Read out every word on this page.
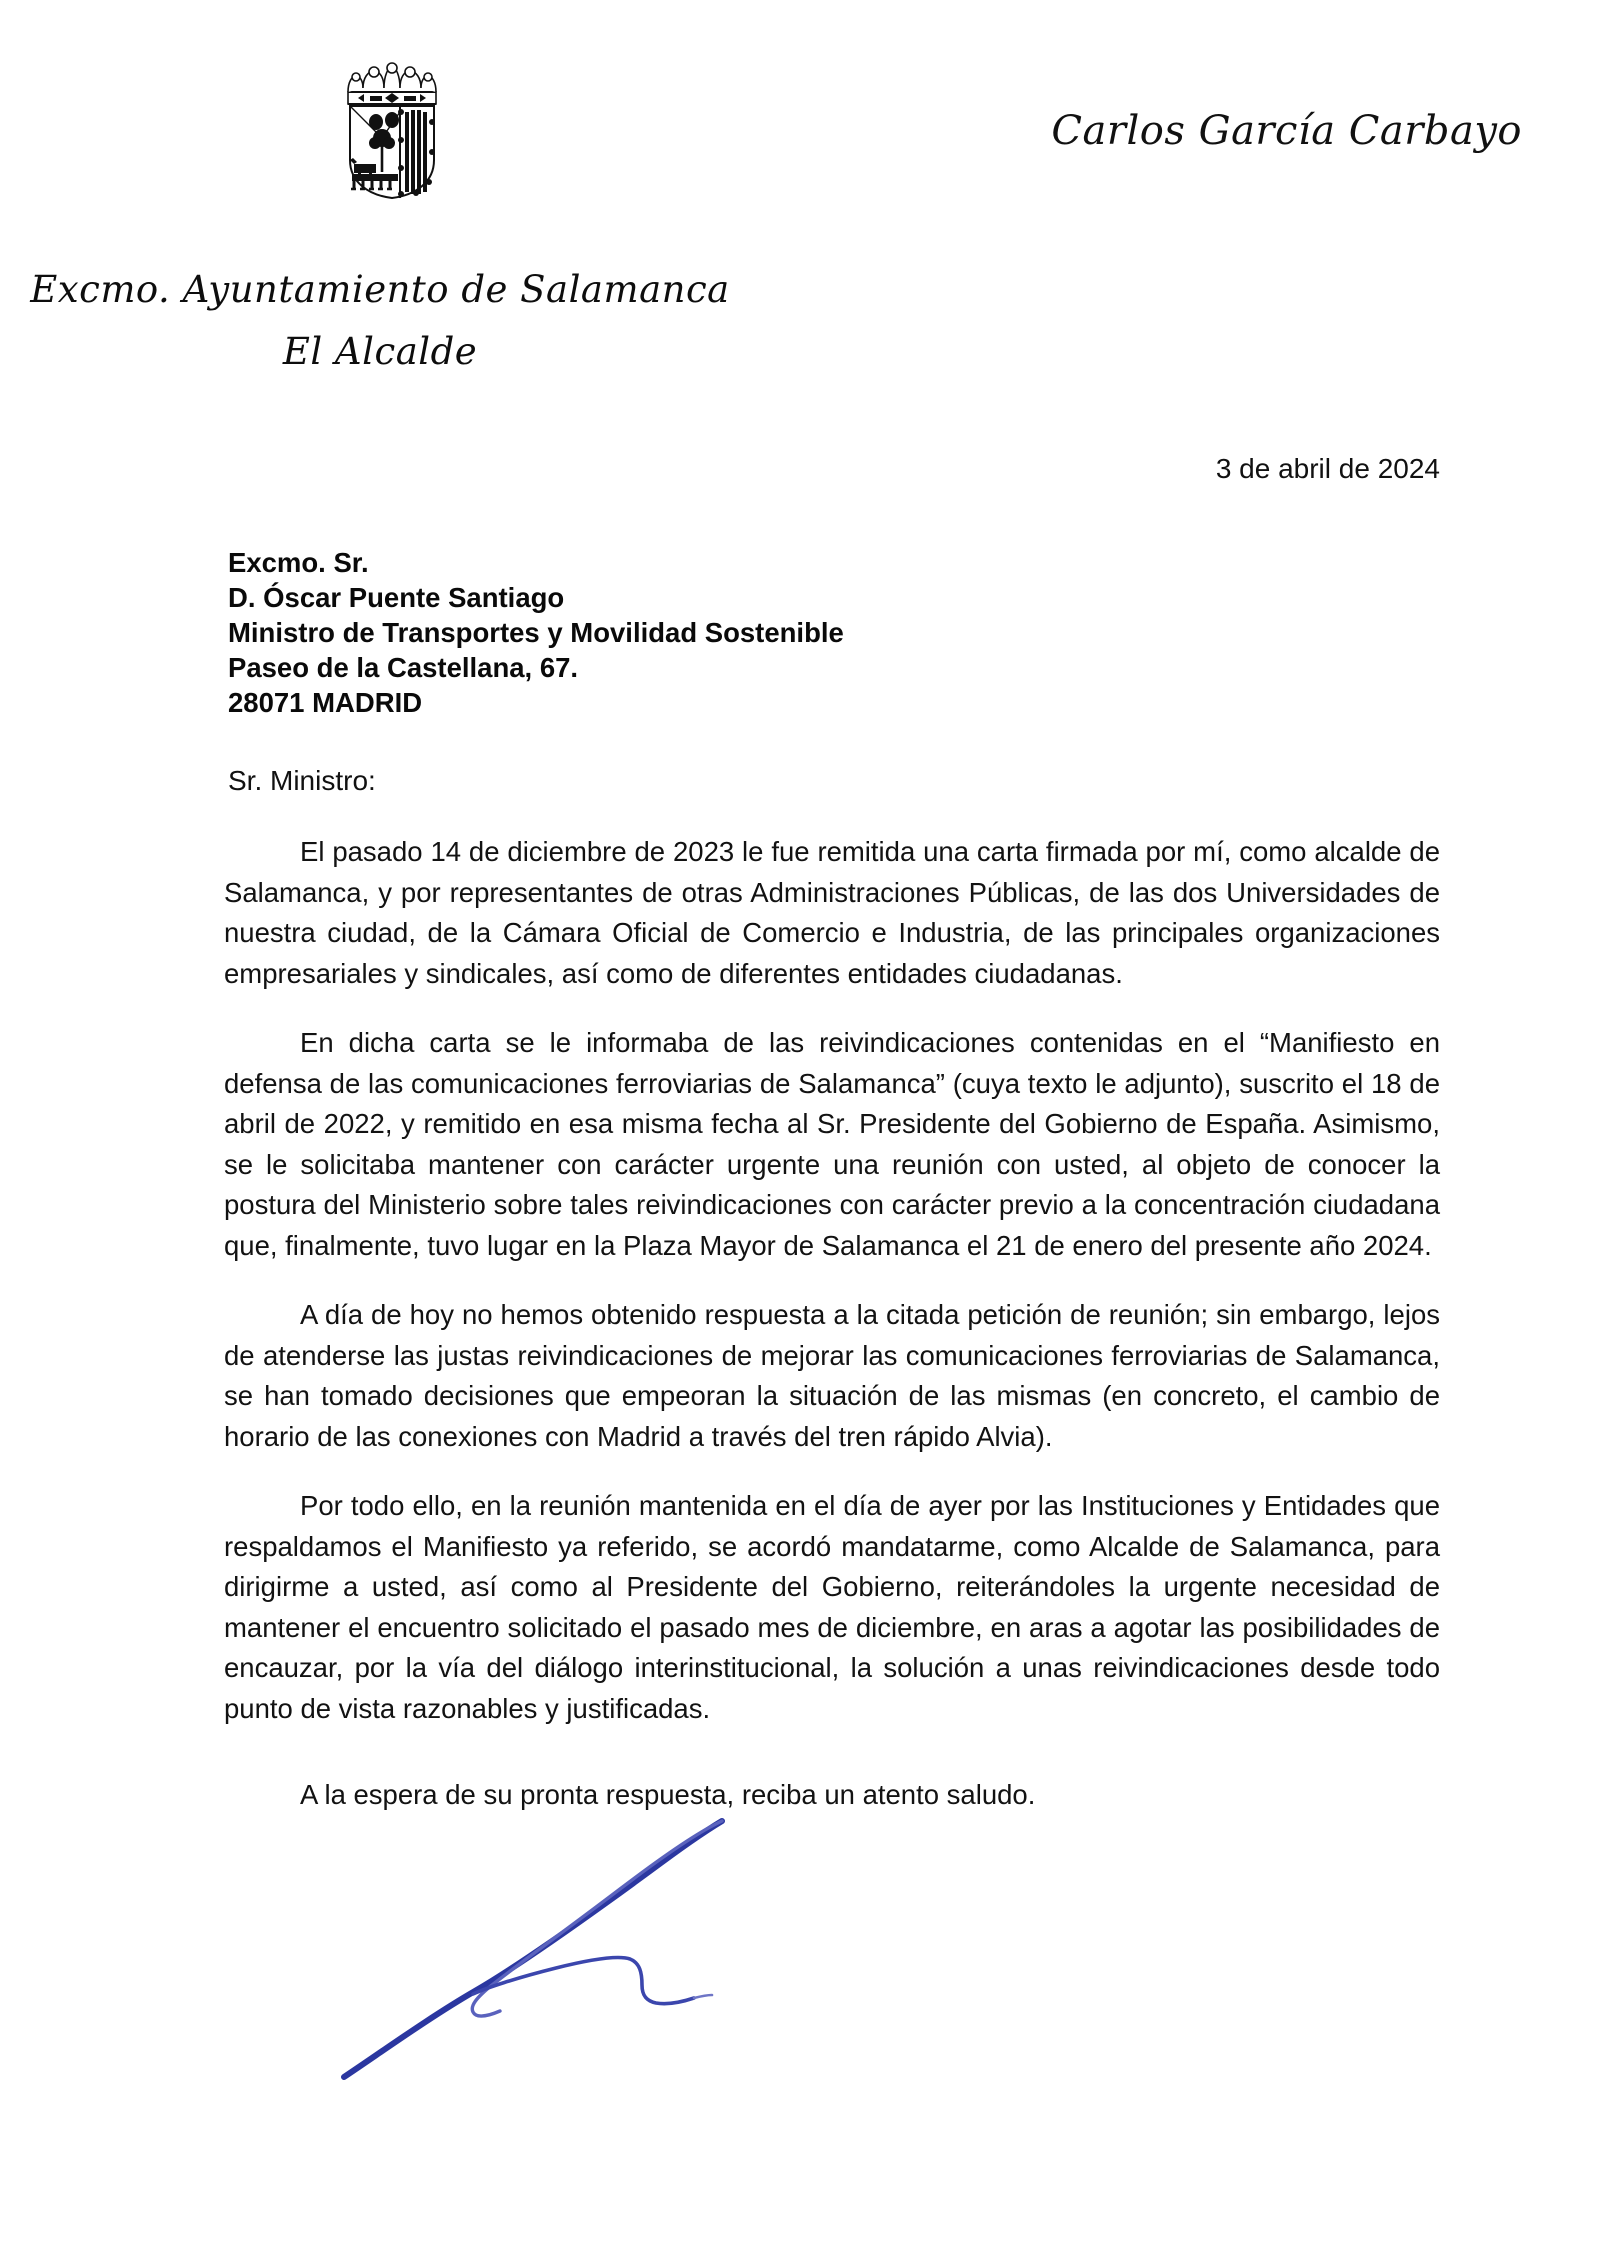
Carlos García Carbayo
Excmo. Ayuntamiento de Salamanca
El Alcalde
3 de abril de 2024
Excmo. Sr.
D. Óscar Puente Santiago
Ministro de Transportes y Movilidad Sostenible
Paseo de la Castellana, 67.
28071 MADRID
Sr. Ministro:

El pasado 14 de diciembre de 2023 le fue remitida una carta firmada por mí, como alcalde de Salamanca, y por representantes de otras Administraciones Públicas, de las dos Universidades de nuestra ciudad, de la Cámara Oficial de Comercio e Industria, de las principales organizaciones empresariales y sindicales, así como de diferentes entidades ciudadanas.

En dicha carta se le informaba de las reivindicaciones contenidas en el “Manifiesto en defensa de las comunicaciones ferroviarias de Salamanca” (cuya texto le adjunto), suscrito el 18 de abril de 2022, y remitido en esa misma fecha al Sr. Presidente del Gobierno de España. Asimismo, se le solicitaba mantener con carácter urgente una reunión con usted, al objeto de conocer la postura del Ministerio sobre tales reivindicaciones con carácter previo a la concentración ciudadana que, finalmente, tuvo lugar en la Plaza Mayor de Salamanca el 21 de enero del presente año 2024.

A día de hoy no hemos obtenido respuesta a la citada petición de reunión; sin embargo, lejos de atenderse las justas reivindicaciones de mejorar las comunicaciones ferroviarias de Salamanca, se han tomado decisiones que empeoran la situación de las mismas (en concreto, el cambio de horario de las conexiones con Madrid a través del tren rápido Alvia).

Por todo ello, en la reunión mantenida en el día de ayer por las Instituciones y Entidades que respaldamos el Manifiesto ya referido, se acordó mandatarme, como Alcalde de Salamanca, para dirigirme a usted, así como al Presidente del Gobierno, reiterándoles la urgente necesidad de mantener el encuentro solicitado el pasado mes de diciembre, en aras a agotar las posibilidades de encauzar, por la vía del diálogo interinstitucional, la solución a unas reivindicaciones desde todo punto de vista razonables y justificadas.

A la espera de su pronta respuesta, reciba un atento saludo.
